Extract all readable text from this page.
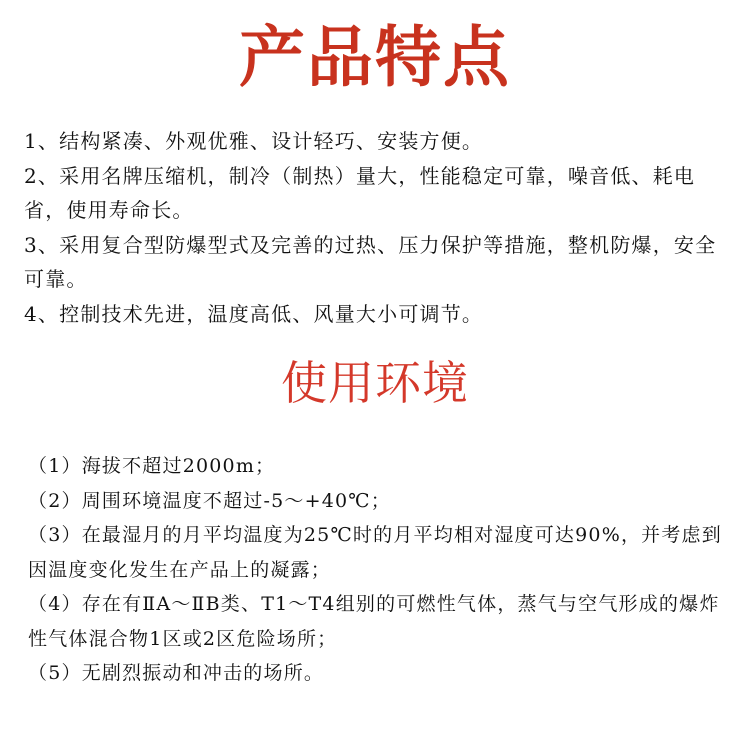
产品特点

1、结构紧凑、外观优雅、设计轻巧、安装方便。

2、采用名牌压缩机，制冷（制热）量大，性能稳定可靠，噪音低、耗电省，使用寿命长。

3、采用复合型防爆型式及完善的过热、压力保护等措施，整机防爆，安全可靠。

4、控制技术先进，温度高低、风量大小可调节。

使用环境

（1）海拔不超过2000m；

（2）周围环境温度不超过-5～+40℃；

（3）在最湿月的月平均温度为25℃时的月平均相对湿度可达90%，并考虑到因温度变化发生在产品上的凝露；

（4）存在有ⅡA～ⅡB类、T1～T4组别的可燃性气体，蒸气与空气形成的爆炸性气体混合物1区或2区危险场所；

（5）无剧烈振动和冲击的场所。
